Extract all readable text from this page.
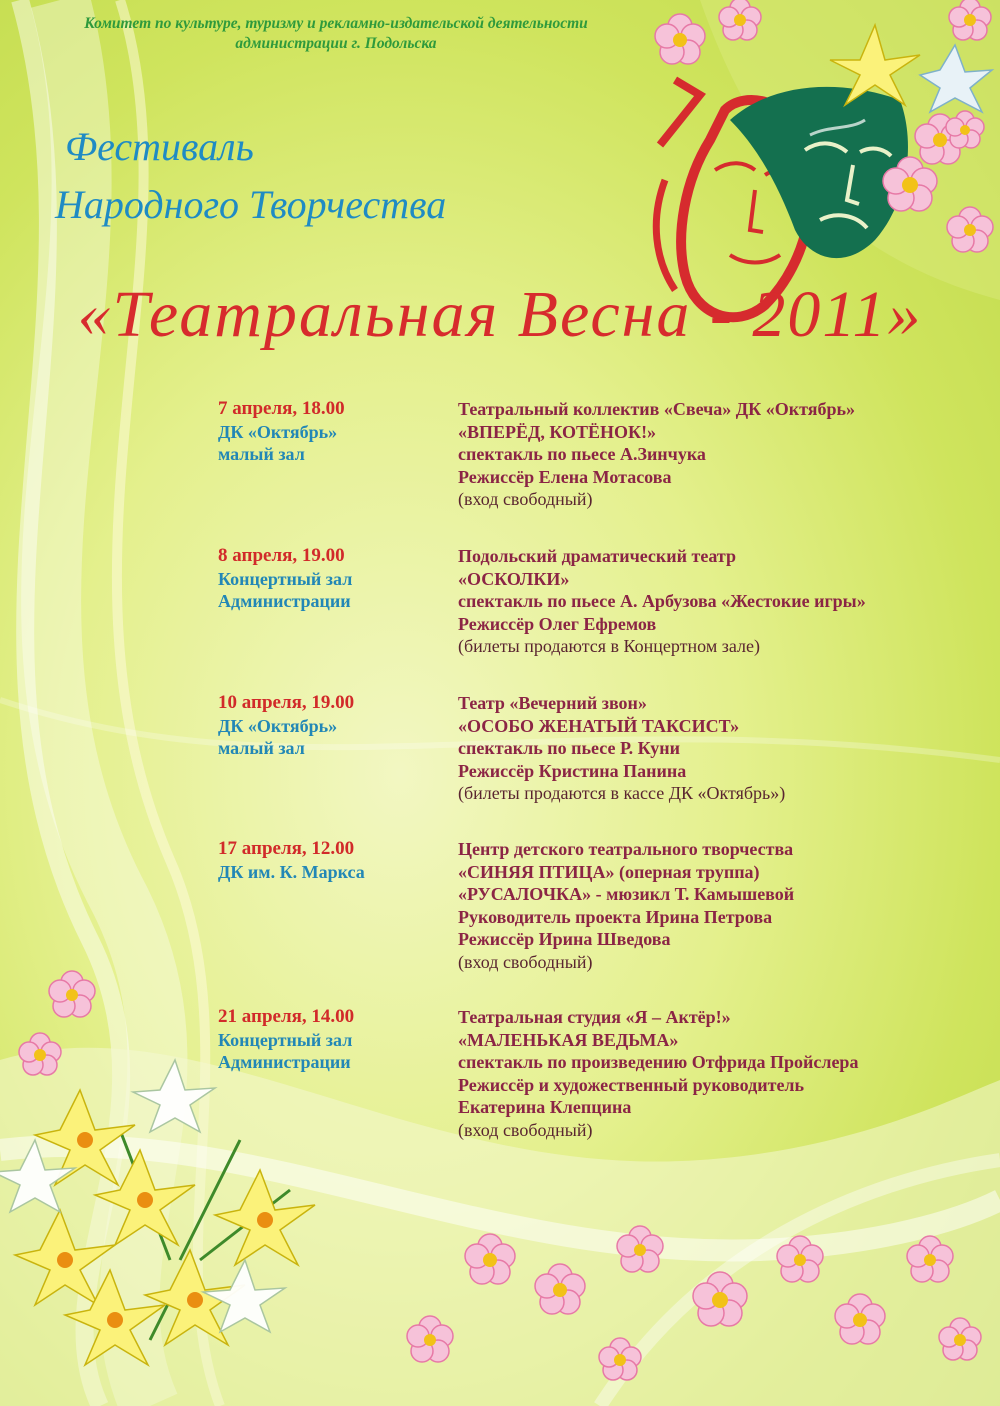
Комитет по культуре, туризму и рекламно-издательской деятельности
администрации г. Подольска
Фестиваль
Народного Творчества
«Театральная Весна - 2011»
7 апреля, 18.00
ДК «Октябрь»
малый зал
Театральный коллектив «Свеча» ДК «Октябрь»
«ВПЕРЁД, КОТЁНОК!»
спектакль по пьесе А.Зинчука
Режиссёр Елена Мотасова
(вход свободный)
8 апреля, 19.00
Концертный зал
Администрации
Подольский драматический театр
«ОСКОЛКИ»
спектакль по пьесе А. Арбузова «Жестокие игры»
Режиссёр Олег Ефремов
(билеты продаются в Концертном зале)
10 апреля, 19.00
ДК «Октябрь»
малый зал
Театр «Вечерний звон»
«ОСОБО ЖЕНАТЫЙ ТАКСИСТ»
спектакль по пьесе Р. Куни
Режиссёр Кристина Панина
(билеты продаются в кассе ДК «Октябрь»)
17 апреля, 12.00
ДК им. К. Маркса
Центр детского театрального творчества
«СИНЯЯ ПТИЦА» (оперная труппа)
«РУСАЛОЧКА» - мюзикл Т. Камышевой
Руководитель проекта Ирина Петрова
Режиссёр Ирина Шведова
(вход свободный)
21 апреля, 14.00
Концертный зал
Администрации
Театральная студия «Я – Актёр!»
«МАЛЕНЬКАЯ ВЕДЬМА»
спектакль по произведению Отфрида Пройслера
Режиссёр и художественный руководитель
Екатерина Клепцина
(вход свободный)
